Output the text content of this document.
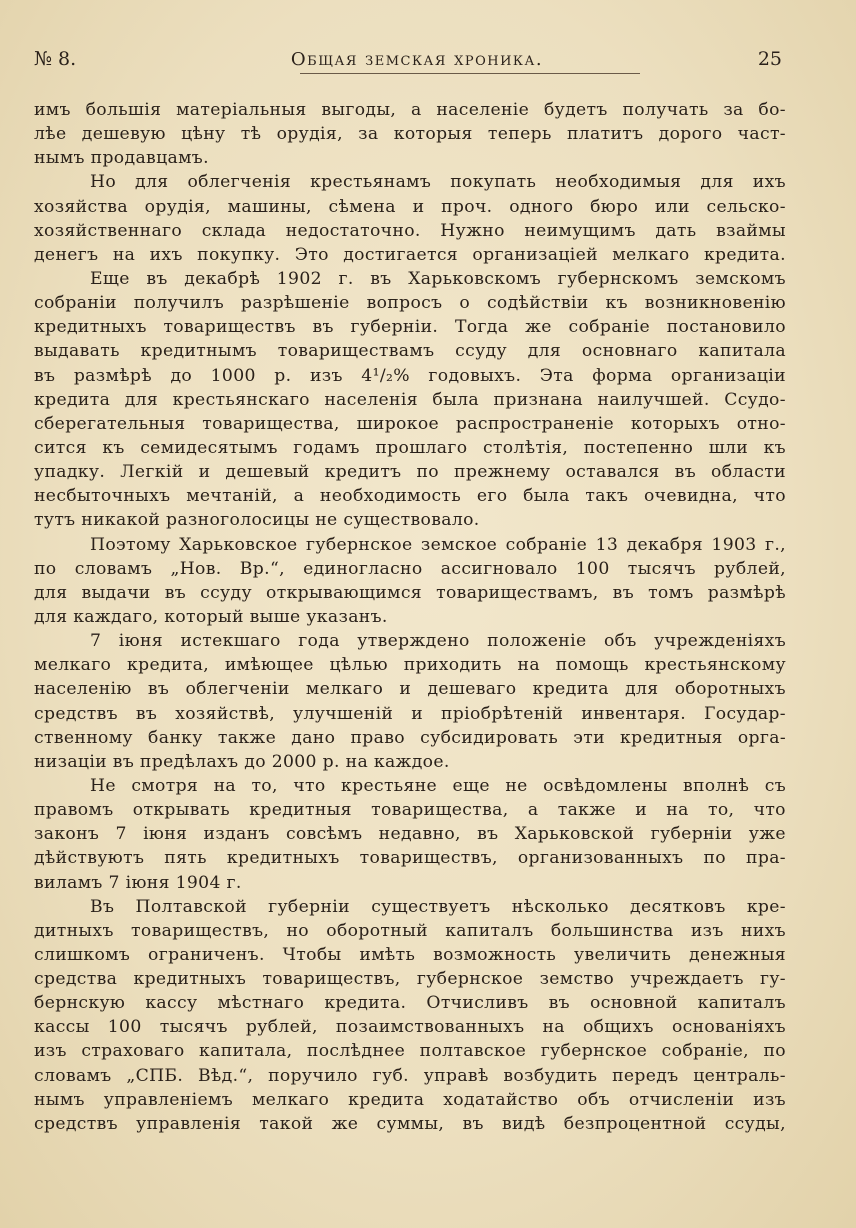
№ 8.	Общая земская хроника.	25
имъ большія матеріальныя выгоды, а населеніе будетъ получать за бо-
лѣе дешевую цѣну тѣ орудія, за которыя теперь платитъ дорого част-
нымъ продавцамъ.
Но для облегченія крестьянамъ покупать необходимыя для ихъ
хозяйства орудія, машины, сѣмена и проч. одного бюро или сельско-
хозяйственнаго склада недостаточно. Нужно неимущимъ дать взаймы
денегъ на ихъ покупку. Это достигается организаціей мелкаго кредита.
Еще въ декабрѣ 1902 г. въ Харьковскомъ губернскомъ земскомъ
собраніи получилъ разрѣшеніе вопросъ о содѣйствіи къ возникновенію
кредитныхъ товариществъ въ губерніи. Тогда же собраніе постановило
выдавать кредитнымъ товариществамъ ссуду для основнаго капитала
въ размѣрѣ до 1000 р. изъ 4¹/₂% годовыхъ. Эта форма организаціи
кредита для крестьянскаго населенія была признана наилучшей. Ссудо-
сберегательныя товарищества, широкое распространеніе которыхъ отно-
сится къ семидесятымъ годамъ прошлаго столѣтія, постепенно шли къ
упадку. Легкій и дешевый кредитъ по прежнему оставался въ области
несбыточныхъ мечтаній, а необходимость его была такъ очевидна, что
тутъ никакой разноголосицы не существовало.
Поэтому Харьковское губернское земское собраніе 13 декабря 1903 г.,
по словамъ „Нов. Вр.“, единогласно ассигновало 100 тысячъ рублей,
для выдачи въ ссуду открывающимся товариществамъ, въ томъ размѣрѣ
для каждаго, который выше указанъ.
7 іюня истекшаго года утверждено положеніе объ учрежденіяхъ
мелкаго кредита, имѣющее цѣлью приходить на помощь крестьянскому
населенію въ облегченіи мелкаго и дешеваго кредита для оборотныхъ
средствъ въ хозяйствѣ, улучшеній и пріобрѣтеній инвентаря. Государ-
ственному банку также дано право субсидировать эти кредитныя орга-
низаціи въ предѣлахъ до 2000 р. на каждое.
Не смотря на то, что крестьяне еще не освѣдомлены вполнѣ съ
правомъ открывать кредитныя товарищества, а также и на то, что
законъ 7 іюня изданъ совсѣмъ недавно, въ Харьковской губерніи уже
дѣйствуютъ пять кредитныхъ товариществъ, организованныхъ по пра-
виламъ 7 іюня 1904 г.
Въ Полтавской губерніи существуетъ нѣсколько десятковъ кре-
дитныхъ товариществъ, но оборотный капиталъ большинства изъ нихъ
слишкомъ ограниченъ. Чтобы имѣть возможность увеличить денежныя
средства кредитныхъ товариществъ, губернское земство учреждаетъ гу-
бернскую кассу мѣстнаго кредита. Отчисливъ въ основной капиталъ
кассы 100 тысячъ рублей, позаимствованныхъ на общихъ основаніяхъ
изъ страховаго капитала, послѣднее полтавское губернское собраніе, по
словамъ „СПБ. Вѣд.“, поручило губ. управѣ возбудить передъ централь-
нымъ управленіемъ мелкаго кредита ходатайство объ отчисленіи изъ
средствъ управленія такой же суммы, въ видѣ безпроцентной ссуды,
